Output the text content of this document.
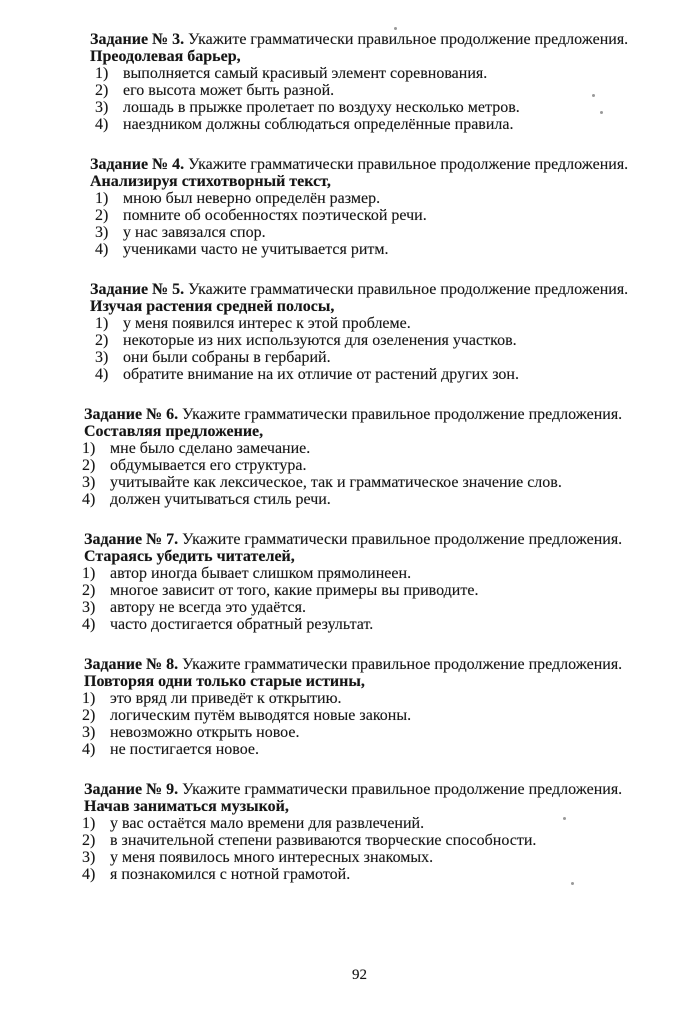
Задание № 3. Укажите грамматически правильное продолжение предложения.

Преодолевая барьер,

1) выполняется самый красивый элемент соревнования.
2) его высота может быть разной.
3) лошадь в прыжке пролетает по воздуху несколько метров.
4) наездником должны соблюдаться определённые правила.

Задание № 4. Укажите грамматически правильное продолжение предложения.

Анализируя стихотворный текст,

1) мною был неверно определён размер.
2) помните об особенностях поэтической речи.
3) у нас завязался спор.
4) учениками часто не учитывается ритм.

Задание № 5. Укажите грамматически правильное продолжение предложения.

Изучая растения средней полосы,

1) у меня появился интерес к этой проблеме.
2) некоторые из них используются для озеленения участков.
3) они были собраны в гербарий.
4) обратите внимание на их отличие от растений других зон.

Задание № 6. Укажите грамматически правильное продолжение предложения.

Составляя предложение,

1) мне было сделано замечание.
2) обдумывается его структура.
3) учитывайте как лексическое, так и грамматическое значение слов.
4) должен учитываться стиль речи.

Задание № 7. Укажите грамматически правильное продолжение предложения.

Стараясь убедить читателей,

1) автор иногда бывает слишком прямолинеен.
2) многое зависит от того, какие примеры вы приводите.
3) автору не всегда это удаётся.
4) часто достигается обратный результат.

Задание № 8. Укажите грамматически правильное продолжение предложения.

Повторяя одни только старые истины,

1) это вряд ли приведёт к открытию.
2) логическим путём выводятся новые законы.
3) невозможно открыть новое.
4) не постигается новое.

Задание № 9. Укажите грамматически правильное продолжение предложения.

Начав заниматься музыкой,

1) у вас остаётся мало времени для развлечений.
2) в значительной степени развиваются творческие способности.
3) у меня появилось много интересных знакомых.
4) я познакомился с нотной грамотой.
92
